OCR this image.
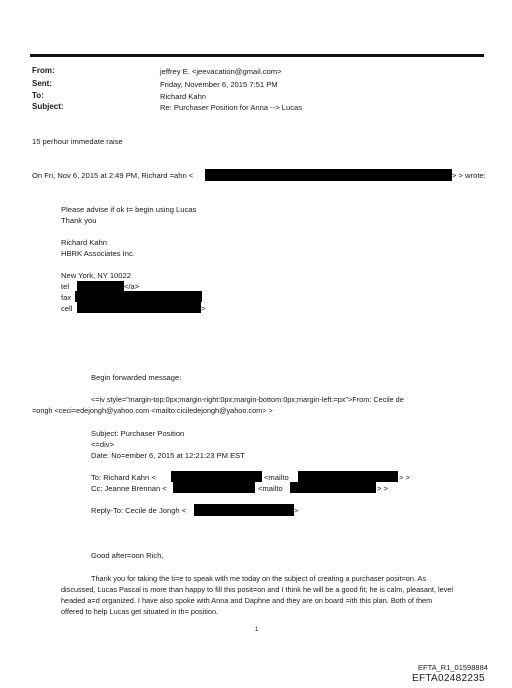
From:	jeffrey E. <jeevacation@gmail.com>
Sent:	Friday, November 6, 2015 7:51 PM
To:	Richard Kahn
Subject:	Re: Purchaser Position for Anna --> Lucas
15 perhour immedate raise
On Fri, Nov 6, 2015 at 2:49 PM, Richard =ahn <	> > wrote:
Please advise if ok t= begin using Lucas
Thank you
Richard Kahn
HBRK Associates Inc.
New York, NY 10022
tel	</a>
fax
cell	>
Begin forwarded message:
<=iv style="margin-top:0px;margin-right:0px;margin-bottom:0px;margin-left:=px">From: Cecile de
=ongh <ceci=edejongh@yahoo.com <mailto:ciciledejongh@yahoo.com> >
Subject: Purchaser Position
<=div>
Date: No=ember 6, 2015 at 12:21:23 PM EST
To: Richard Kahn <	<mailto	> >
Cc: Jeanne Brennan <	<mailto	> >
Reply-To: Cecile de Jongh <	>
Good after=oon Rich,
Thank you for taking the ti=e to speak with me today on the subject of creating a purchaser posit=on. As
discussed, Lucas Pascal is more than happy to fill this posit=on and I think he will be a good fit; he is calm, pleasant, level
headed a=d organized. I have also spoke with Anna and Daphne and they are on board =ith this plan. Both of them
offered to help Lucas get situated in th= position.
1
EFTA_R1_01598884
EFTA02482235
